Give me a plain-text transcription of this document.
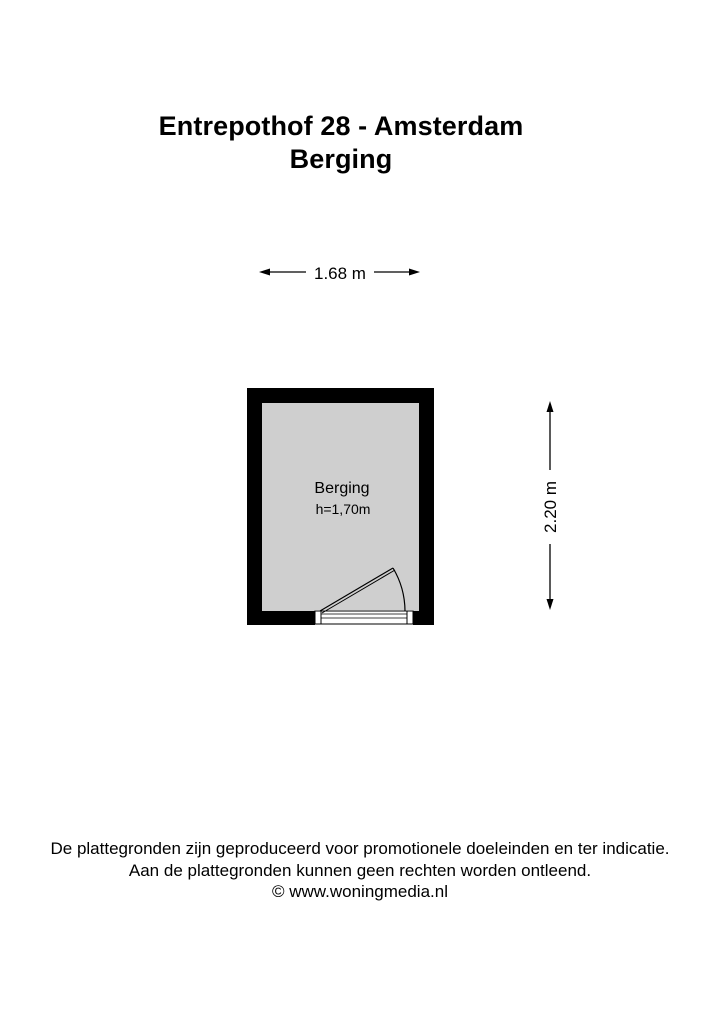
Entrepothof 28 - Amsterdam
Berging
1.68 m
2.20 m
Berging
h=1,70m
De plattegronden zijn geproduceerd voor promotionele doeleinden en ter indicatie.
Aan de plattegronden kunnen geen rechten worden ontleend.
© www.woningmedia.nl
